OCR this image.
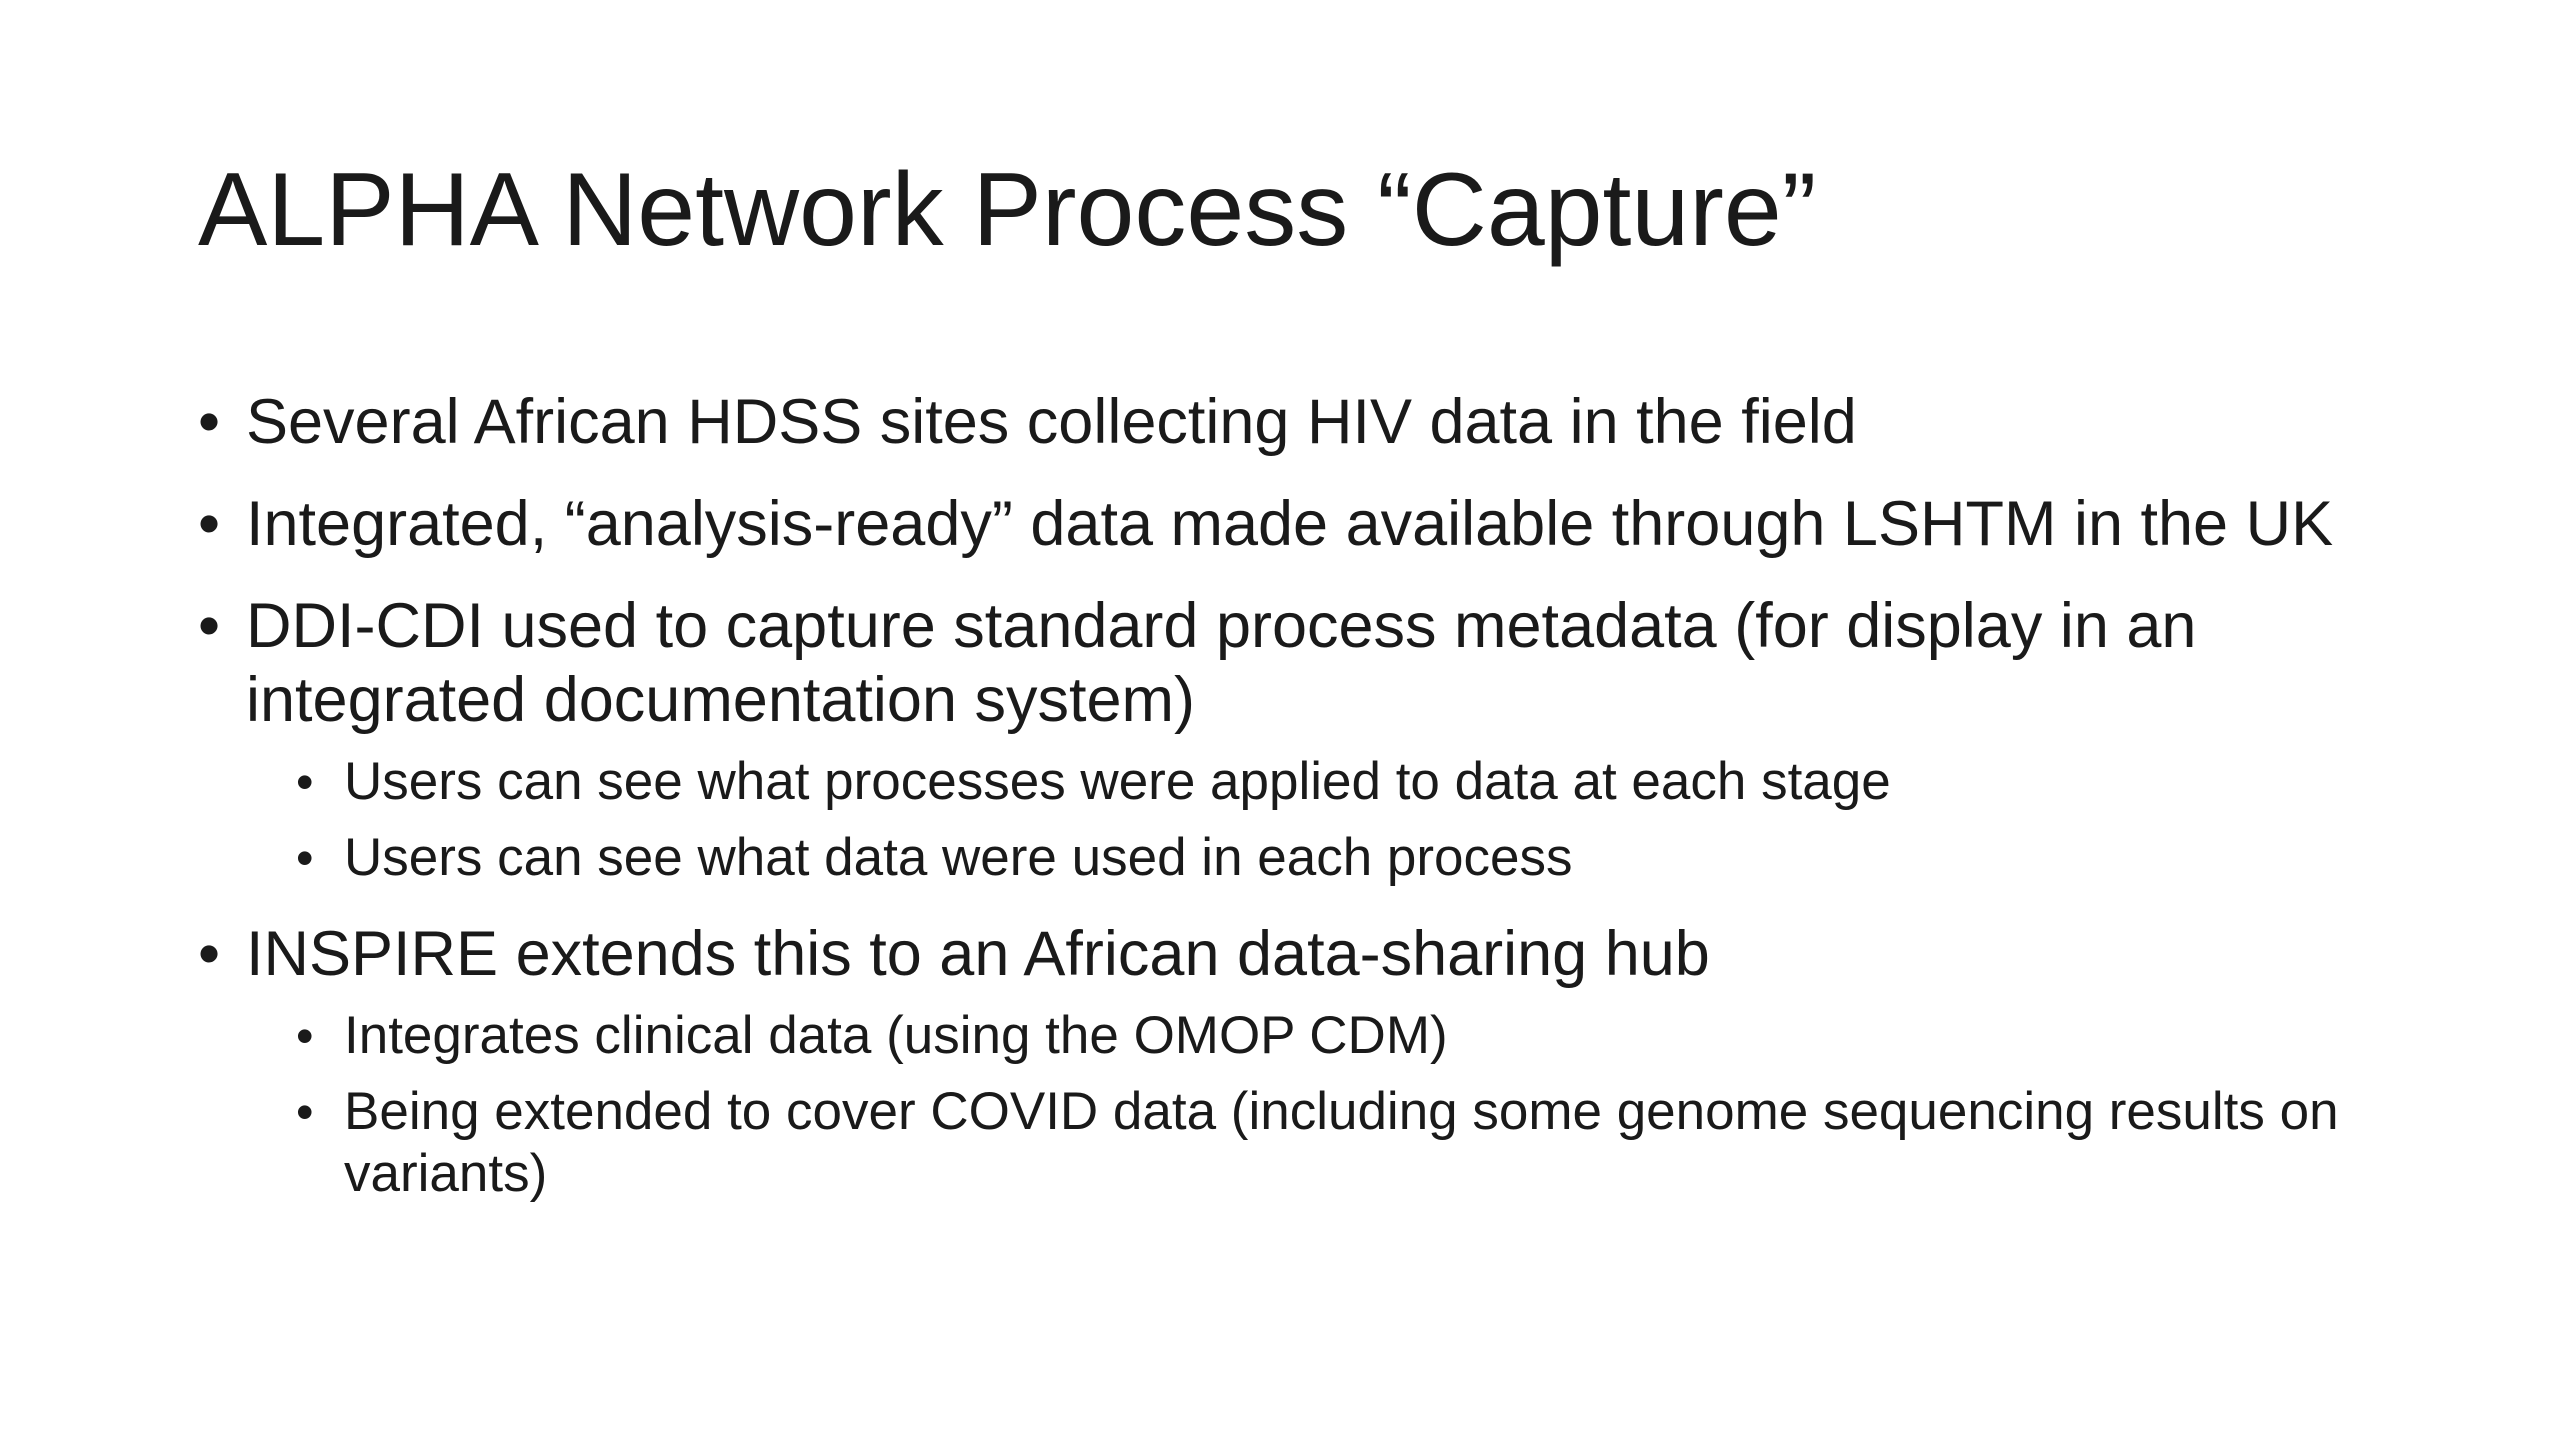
ALPHA Network Process “Capture”
• Several African HDSS sites collecting HIV data in the field
• Integrated, “analysis-ready” data made available through LSHTM in the UK
• DDI-CDI used to capture standard process metadata (for display in an integrated documentation system)
• Users can see what processes were applied to data at each stage
• Users can see what data were used in each process
• INSPIRE extends this to an African data-sharing hub
• Integrates clinical data (using the OMOP CDM)
• Being extended to cover COVID data (including some genome sequencing results on variants)
